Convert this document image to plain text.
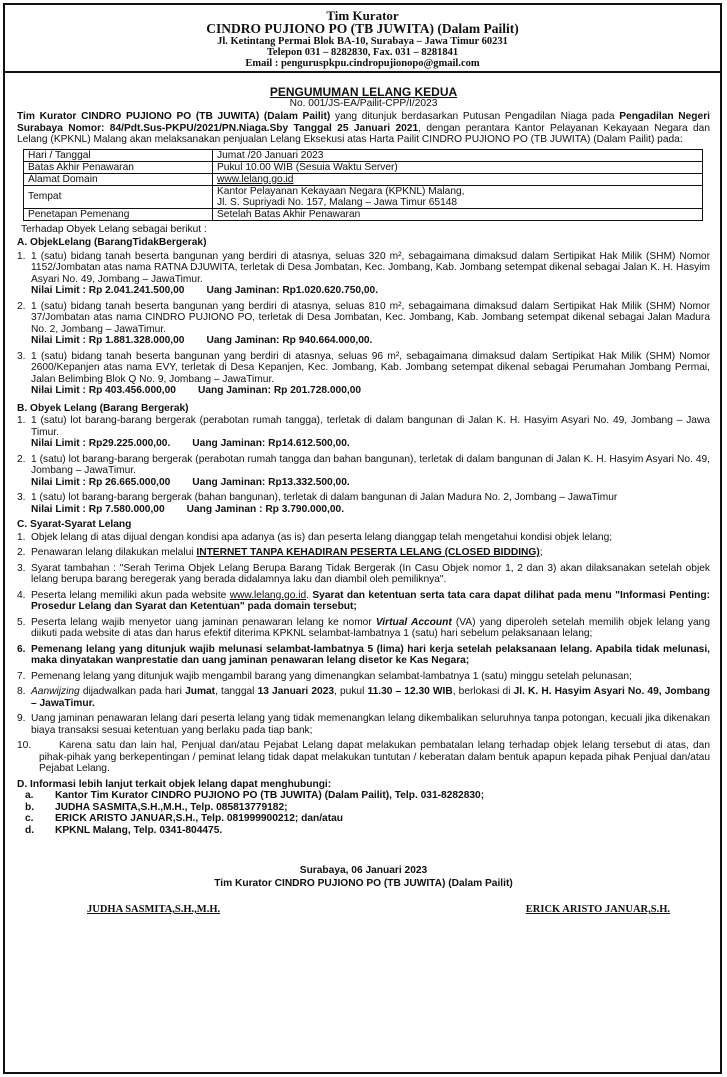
Tim Kurator
CINDRO PUJIONO PO (TB JUWITA) (Dalam Pailit)
Jl. Ketintang Permai Blok BA-10, Surabaya – Jawa Timur 60231
Telepon 031 – 8282830, Fax. 031 – 8281841
Email : penguruspkpu.cindropujionopo@gmail.com
PENGUMUMAN LELANG KEDUA
No. 001/JS-EA/Pailit-CPP/I/2023

Tim Kurator CINDRO PUJIONO PO (TB JUWITA) (Dalam Pailit) yang ditunjuk berdasarkan Putusan Pengadilan Niaga pada Pengadilan Negeri Surabaya Nomor: 84/Pdt.Sus-PKPU/2021/PN.Niaga.Sby Tanggal 25 Januari 2021, dengan perantara Kantor Pelayanan Kekayaan Negara dan Lelang (KPKNL) Malang akan melaksanakan penjualan Lelang Eksekusi atas Harta Pailit CINDRO PUJIONO PO (TB JUWITA) (Dalam Pailit) pada:

Hari / Tanggal	Jumat /20 Januari 2023
Batas Akhir Penawaran	Pukul 10.00 WIB (Sesuia Waktu Server)
Alamat Domain	www.lelang.go.id
Tempat	Kantor Pelayanan Kekayaan Negara (KPKNL) Malang,
Jl. S. Supriyadi No. 157, Malang – Jawa Timur 65148

Penetapan Pemenang	Setelah Batas Akhir Penawaran

Terhadap Obyek Lelang sebagai berikut :

A. ObjekLelang (BarangTidakBergerak)
1. 1 (satu) bidang tanah beserta bangunan yang berdiri di atasnya, seluas 320 m², sebagaimana dimaksud dalam Sertipikat Hak Milik (SHM) Nomor 1152/Jombatan atas nama RATNA DJUWITA, terletak di Desa Jombatan, Kec. Jombang, Kab. Jombang setempat dikenal sebagai Jalan K. H. Hasyim Asyari No. 49, Jombang – JawaTimur.
Nilai Limit : Rp 2.041.241.500,00 Uang Jaminan: Rp1.020.620.750,00.
2. 1 (satu) bidang tanah beserta bangunan yang berdiri di atasnya, seluas 810 m², sebagaimana dimaksud dalam Sertipikat Hak Milik (SHM) Nomor 37/Jombatan atas nama CINDRO PUJIONO PO, terletak di Desa Jombatan, Kec. Jombang, Kab. Jombang setempat dikenal sebagai Jalan Madura No. 2, Jombang – JawaTimur.
Nilai Limit : Rp 1.881.328.000,00 Uang Jaminan: Rp 940.664.000,00.
3. 1 (satu) bidang tanah beserta bangunan yang berdiri di atasnya, seluas 96 m², sebagaimana dimaksud dalam Sertipikat Hak Milik (SHM) Nomor 2600/Kepanjen atas nama EVY, terletak di Desa Kepanjen, Kec. Jombang, Kab. Jombang setempat dikenal sebagai Perumahan Jombang Permai, Jalan Belimbing Blok Q No. 9, Jombang – JawaTimur.
Nilai Limit : Rp 403.456.000,00 Uang Jaminan: Rp 201.728.000,00
B. Obyek Lelang (Barang Bergerak)
1. 1 (satu) lot barang-barang bergerak (perabotan rumah tangga), terletak di dalam bangunan di Jalan K. H. Hasyim Asyari No. 49, Jombang – Jawa Timur.
Nilai Limit : Rp29.225.000,00. Uang Jaminan: Rp14.612.500,00.
2. 1 (satu) lot barang-barang bergerak (perabotan rumah tangga dan bahan bangunan), terletak di dalam bangunan di Jalan K. H. Hasyim Asyari No. 49, Jombang – JawaTimur.
Nilai Limit : Rp 26.665.000,00 Uang Jaminan: Rp13.332.500,00.
3. 1 (satu) lot barang-barang bergerak (bahan bangunan), terletak di dalam bangunan di Jalan Madura No. 2, Jombang – JawaTimur
Nilai Limit : Rp 7.580.000,00 Uang Jaminan : Rp 3.790.000,00.
C. Syarat-Syarat Lelang
1. Objek lelang di atas dijual dengan kondisi apa adanya (as is) dan peserta lelang dianggap telah mengetahui kondisi objek lelang;
2. Penawaran lelang dilakukan melalui INTERNET TANPA KEHADIRAN PESERTA LELANG (CLOSED BIDDING);
3. Syarat tambahan : "Serah Terima Objek Lelang Berupa Barang Tidak Bergerak (In Casu Objek nomor 1, 2 dan 3) akan dilaksanakan setelah objek lelang berupa barang beregerak yang berada didalamnya laku dan diambil oleh pemiliknya".
4. Peserta lelang memiliki akun pada website www.lelang.go.id. Syarat dan ketentuan serta tata cara dapat dilihat pada menu "Informasi Penting: Prosedur Lelang dan Syarat dan Ketentuan" pada domain tersebut;
5. Peserta lelang wajib menyetor uang jaminan penawaran lelang ke nomor Virtual Account (VA) yang diperoleh setelah memilih objek lelang yang diikuti pada website di atas dan harus efektif diterima KPKNL selambat-lambatnya 1 (satu) hari sebelum pelaksanaan lelang;
6. Pemenang lelang yang ditunjuk wajib melunasi selambat-lambatnya 5 (lima) hari kerja setelah pelaksanaan lelang. Apabila tidak melunasi, maka dinyatakan wanprestatie dan uang jaminan penawaran lelang disetor ke Kas Negara;
7. Pemenang lelang yang ditunjuk wajib mengambil barang yang dimenangkan selambat-lambatnya 1 (satu) minggu setelah pelunasan;
8. Aanwijzing dijadwalkan pada hari Jumat, tanggal 13 Januari 2023, pukul 11.30 – 12.30 WIB, berlokasi di Jl. K. H. Hasyim Asyari No. 49, Jombang – JawaTimur.
9. Uang jaminan penawaran lelang dari peserta lelang yang tidak memenangkan lelang dikembalikan seluruhnya tanpa potongan, kecuali jika dikenakan biaya transaksi sesuai ketentuan yang berlaku pada tiap bank;
10.	Karena satu dan lain hal, Penjual dan/atau Pejabat Lelang dapat melakukan pembatalan lelang terhadap objek lelang tersebut di atas, dan pihak-pihak yang berkepentingan / peminat lelang tidak dapat melakukan tuntutan / keberatan dalam bentuk apapun kepada pihak Penjual dan/atau Pejabat Lelang.
D. Informasi lebih lanjut terkait objek lelang dapat menghubungi:
a.	Kantor Tim Kurator CINDRO PUJIONO PO (TB JUWITA) (Dalam Pailit), Telp. 031-8282830;
b.	JUDHA SASMITA,S.H.,M.H., Telp. 085813779182;
c.	ERICK ARISTO JANUAR,S.H., Telp. 081999900212; dan/atau
d.	KPKNL Malang, Telp. 0341-804475.
Surabaya, 06 Januari 2023
Tim Kurator CINDRO PUJIONO PO (TB JUWITA) (Dalam Pailit)
JUDHA SASMITA,S.H.,M.H.	ERICK ARISTO JANUAR,S.H.
